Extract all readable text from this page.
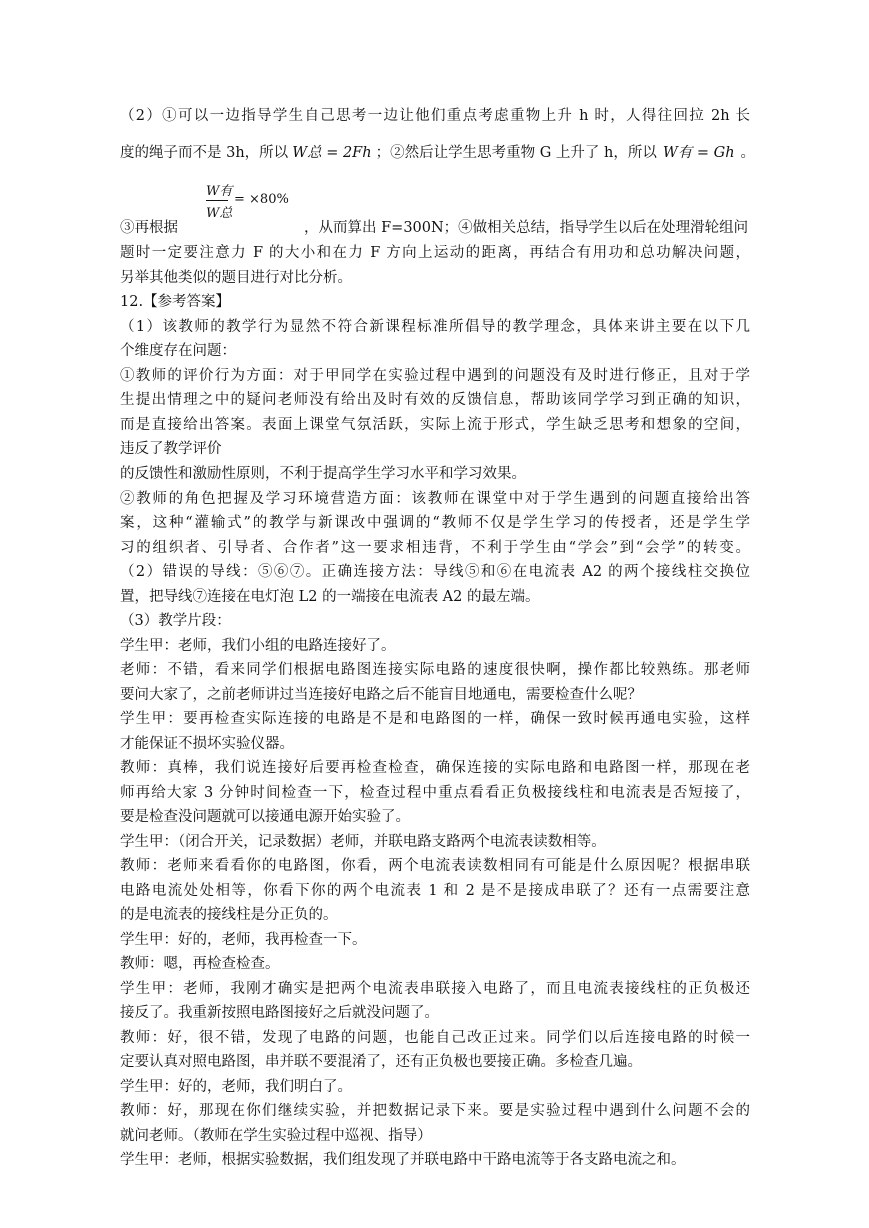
（2）①可以一边指导学生自己思考一边让他们重点考虑重物上升 h 时，人得往回拉 2h 长
度的绳子而不是 3h，所以 W总 = 2Fh ；②然后让学生思考重物 G 上升了 h，所以 W有 = Gh 。
W有
W总
= ×80%
③再根据	，从而算出 F=300N；④做相关总结，指导学生以后在处理滑轮组问
题时一定要注意力 F 的大小和在力 F 方向上运动的距离，再结合有用功和总功解决问题，
另举其他类似的题目进行对比分析。
12.【参考答案】
（1）该教师的教学行为显然不符合新课程标准所倡导的教学理念，具体来讲主要在以下几
个维度存在问题：
①教师的评价行为方面：对于甲同学在实验过程中遇到的问题没有及时进行修正，且对于学
生提出情理之中的疑问老师没有给出及时有效的反馈信息，帮助该同学学习到正确的知识，
而是直接给出答案。表面上课堂气氛活跃，实际上流于形式，学生缺乏思考和想象的空间，
违反了教学评价
的反馈性和激励性原则，不利于提高学生学习水平和学习效果。
②教师的角色把握及学习环境营造方面：该教师在课堂中对于学生遇到的问题直接给出答
案，这种“灌输式”的教学与新课改中强调的“教师不仅是学生学习的传授者，还是学生学
习的组织者、引导者、合作者”这一要求相违背，不利于学生由“学会”到“会学”的转变。
（2）错误的导线：⑤⑥⑦。正确连接方法：导线⑤和⑥在电流表 A2 的两个接线柱交换位
置，把导线⑦连接在电灯泡 L2 的一端接在电流表 A2 的最左端。
（3）教学片段：
学生甲：老师，我们小组的电路连接好了。
老师：不错，看来同学们根据电路图连接实际电路的速度很快啊，操作都比较熟练。那老师
要问大家了，之前老师讲过当连接好电路之后不能盲目地通电，需要检查什么呢？
学生甲：要再检查实际连接的电路是不是和电路图的一样，确保一致时候再通电实验，这样
才能保证不损坏实验仪器。
教师：真棒，我们说连接好后要再检查检查，确保连接的实际电路和电路图一样，那现在老
师再给大家 3 分钟时间检查一下，检查过程中重点看看正负极接线柱和电流表是否短接了，
要是检查没问题就可以接通电源开始实验了。
学生甲：（闭合开关，记录数据）老师，并联电路支路两个电流表读数相等。
教师：老师来看看你的电路图，你看，两个电流表读数相同有可能是什么原因呢？根据串联
电路电流处处相等，你看下你的两个电流表 1 和 2 是不是接成串联了？还有一点需要注意
的是电流表的接线柱是分正负的。
学生甲：好的，老师，我再检查一下。
教师：嗯，再检查检查。
学生甲：老师，我刚才确实是把两个电流表串联接入电路了，而且电流表接线柱的正负极还
接反了。我重新按照电路图接好之后就没问题了。
教师：好，很不错，发现了电路的问题，也能自己改正过来。同学们以后连接电路的时候一
定要认真对照电路图，串并联不要混淆了，还有正负极也要接正确。多检查几遍。
学生甲：好的，老师，我们明白了。
教师：好，那现在你们继续实验，并把数据记录下来。要是实验过程中遇到什么问题不会的
就问老师。（教师在学生实验过程中巡视、指导）
学生甲：老师，根据实验数据，我们组发现了并联电路中干路电流等于各支路电流之和。
